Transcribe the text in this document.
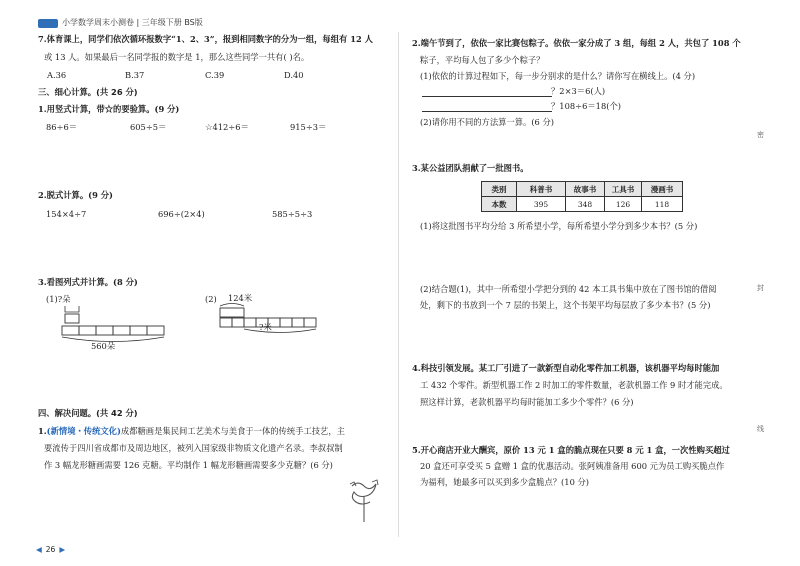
小学数学周末小测卷 | 三年级下册 BS版
7.体育课上，同学们依次循环报数字“1、2、3”，报到相同数字的分为一组，每组有 12 人
或 13 人。如果最后一名同学报的数字是 1，那么这些同学一共有( )名。
A.36	B.37	C.39	D.40
三、细心计算。(共 26 分)
1.用竖式计算，带☆的要验算。(9 分)
86÷6＝	605÷5＝	☆412÷6＝	915÷3＝
2.脱式计算。(9 分)
154×4÷7	696÷(2×4)	585÷5÷3
3.看图列式并计算。(8 分)
(1)?朵
560朵
(2) 124米
?米
四、解决问题。(共 42 分)
1.(新情境・传统文化)成都糖画是集民间工艺美术与美食于一体的传统手工技艺，主
要流传于四川省成都市及周边地区，被列入国家级非物质文化遗产名录。李叔叔制
作 3 幅龙形糖画需要 126 克糖。平均制作 1 幅龙形糖画需要多少克糖？(6 分)
2.端午节到了，依依一家比赛包粽子。依依一家分成了 3 组，每组 2 人，共包了 108 个
粽子，平均每人包了多少个粽子？
(1)依依的计算过程如下，每一步分别求的是什么？请你写在横线上。(4 分)
？2×3＝6(人)
？108÷6＝18(个)
(2)请你用不同的方法算一算。(6 分)
3.某公益团队捐献了一批图书。
类别	科普书	故事书	工具书	漫画书
本数	395	348	126	118
(1)将这批图书平均分给 3 所希望小学，每所希望小学分到多少本书？(5 分)
(2)结合题(1)，其中一所希望小学把分到的 42 本工具书集中放在了图书馆的借阅
处，剩下的书放到一个 7 层的书架上，这个书架平均每层放了多少本书？(5 分)
4.科技引领发展。某工厂引进了一款新型自动化零件加工机器，该机器平均每时能加
工 432 个零件。新型机器工作 2 时加工的零件数量，老款机器工作 9 时才能完成。
照这样计算，老款机器平均每时能加工多少个零件？(6 分)
5.开心商店开业大酬宾，原价 13 元 1 盒的脆点现在只要 8 元 1 盒，一次性购买超过
20 盒还可享受买 5 盒赠 1 盒的优惠活动。张阿姨准备用 600 元为员工购买脆点作
为福利，她最多可以买到多少盒脆点？(10 分)
密
封
线
◀ 26 ▶
